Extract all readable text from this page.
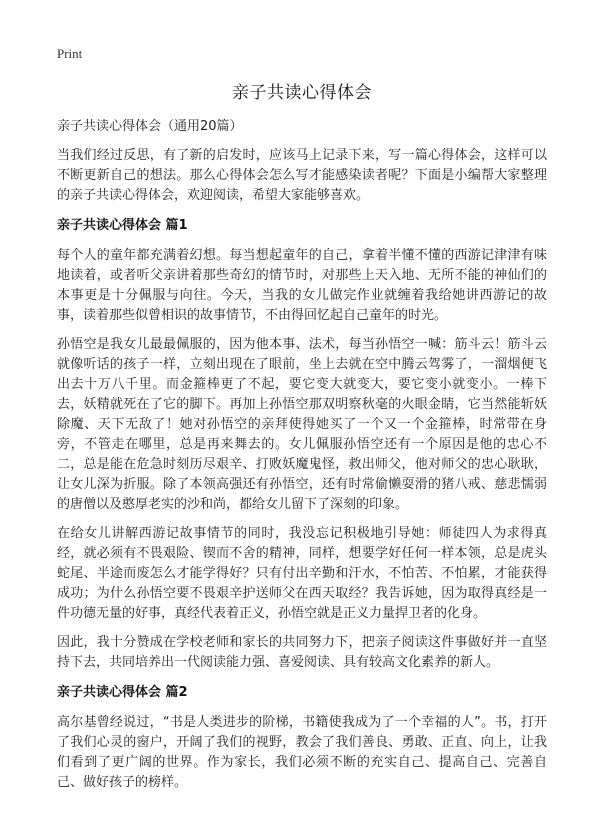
Print
亲子共读心得体会
亲子共读心得体会（通用20篇）

当我们经过反思，有了新的启发时，应该马上记录下来，写一篇心得体会，这样可以不断更新自己的想法。那么心得体会怎么写才能感染读者呢？下面是小编帮大家整理的亲子共读心得体会，欢迎阅读，希望大家能够喜欢。

亲子共读心得体会 篇1

每个人的童年都充满着幻想。每当想起童年的自己，拿着半懂不懂的西游记津津有味地读着，或者听父亲讲着那些奇幻的情节时，对那些上天入地、无所不能的神仙们的本事更是十分佩服与向往。今天，当我的女儿做完作业就缠着我给她讲西游记的故事，读着那些似曾相识的故事情节，不由得回忆起自己童年的时光。

孙悟空是我女儿最最佩服的，因为他本事、法术，每当孙悟空一喊：筋斗云！筋斗云就像听话的孩子一样，立刻出现在了眼前，坐上去就在空中腾云驾雾了，一溜烟便飞出去十万八千里。而金箍棒更了不起，要它变大就变大，要它变小就变小。一棒下去，妖精就死在了它的脚下。再加上孙悟空那双明察秋毫的火眼金睛，它当然能斩妖除魔、天下无敌了！她对孙悟空的亲拜使得她买了一个又一个金箍棒，时常带在身旁，不管走在哪里，总是再来舞去的。女儿佩服孙悟空还有一个原因是他的忠心不二，总是能在危急时刻历尽艰辛、打败妖魔鬼怪，救出师父，他对师父的忠心耿耿，让女儿深为折服。除了本领高强还有孙悟空，还有时常偷懒耍滑的猪八戒、慈悲懦弱的唐僧以及憨厚老实的沙和尚，都给女儿留下了深刻的印象。

在给女儿讲解西游记故事情节的同时，我没忘记积极地引导她：师徒四人为求得真经，就必须有不畏艰险、锲而不舍的精神，同样，想要学好任何一样本领，总是虎头蛇尾、半途而废怎么才能学得好？只有付出辛勤和汗水，不怕苦、不怕累，才能获得成功；为什么孙悟空要不畏艰辛护送师父在西天取经？我告诉她，因为取得真经是一件功德无量的好事，真经代表着正义，孙悟空就是正义力量捍卫者的化身。

因此，我十分赞成在学校老师和家长的共同努力下，把亲子阅读这件事做好并一直坚持下去，共同培养出一代阅读能力强、喜爱阅读、具有较高文化素养的新人。

亲子共读心得体会 篇2

高尔基曾经说过，“书是人类进步的阶梯，书籍使我成为了一个幸福的人”。书，打开了我们心灵的窗户，开阔了我们的视野，教会了我们善良、勇敢、正直、向上，让我们看到了更广阔的世界。作为家长，我们必须不断的充实自己、提高自己、完善自己、做好孩子的榜样。
